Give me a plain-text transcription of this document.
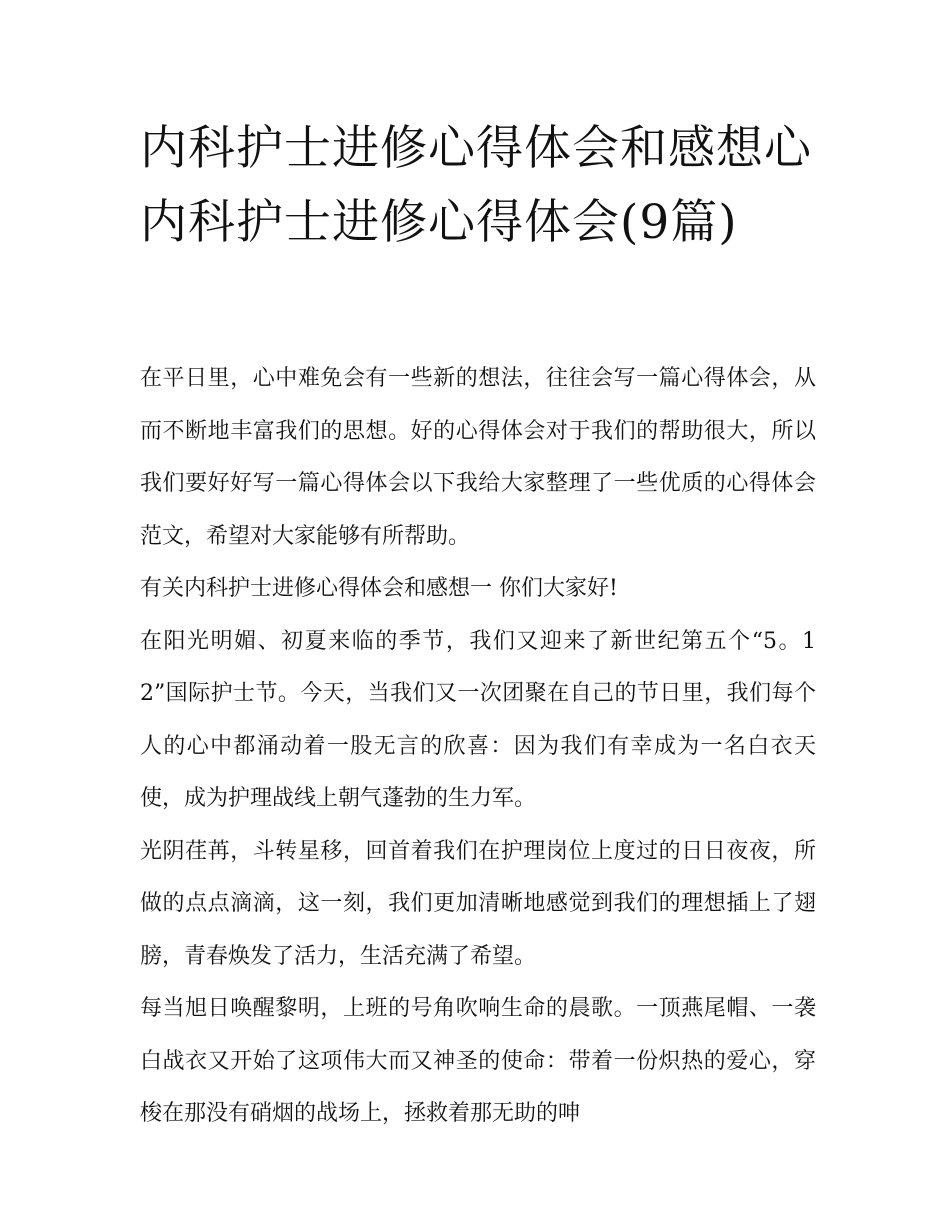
内科护士进修心得体会和感想心内科护士进修心得体会(9篇)

在平日里，心中难免会有一些新的想法，往往会写一篇心得体会，从而不断地丰富我们的思想。好的心得体会对于我们的帮助很大，所以我们要好好写一篇心得体会以下我给大家整理了一些优质的心得体会范文，希望对大家能够有所帮助。

有关内科护士进修心得体会和感想一 你们大家好!

在阳光明媚、初夏来临的季节，我们又迎来了新世纪第五个“5。12”国际护士节。今天，当我们又一次团聚在自己的节日里，我们每个人的心中都涌动着一股无言的欣喜：因为我们有幸成为一名白衣天使，成为护理战线上朝气蓬勃的生力军。

光阴荏苒，斗转星移，回首着我们在护理岗位上度过的日日夜夜，所做的点点滴滴，这一刻，我们更加清晰地感觉到我们的理想插上了翅膀，青春焕发了活力，生活充满了希望。

每当旭日唤醒黎明，上班的号角吹响生命的晨歌。一顶燕尾帽、一袭白战衣又开始了这项伟大而又神圣的使命：带着一份炽热的爱心，穿梭在那没有硝烟的战场上，拯救着那无助的呻
